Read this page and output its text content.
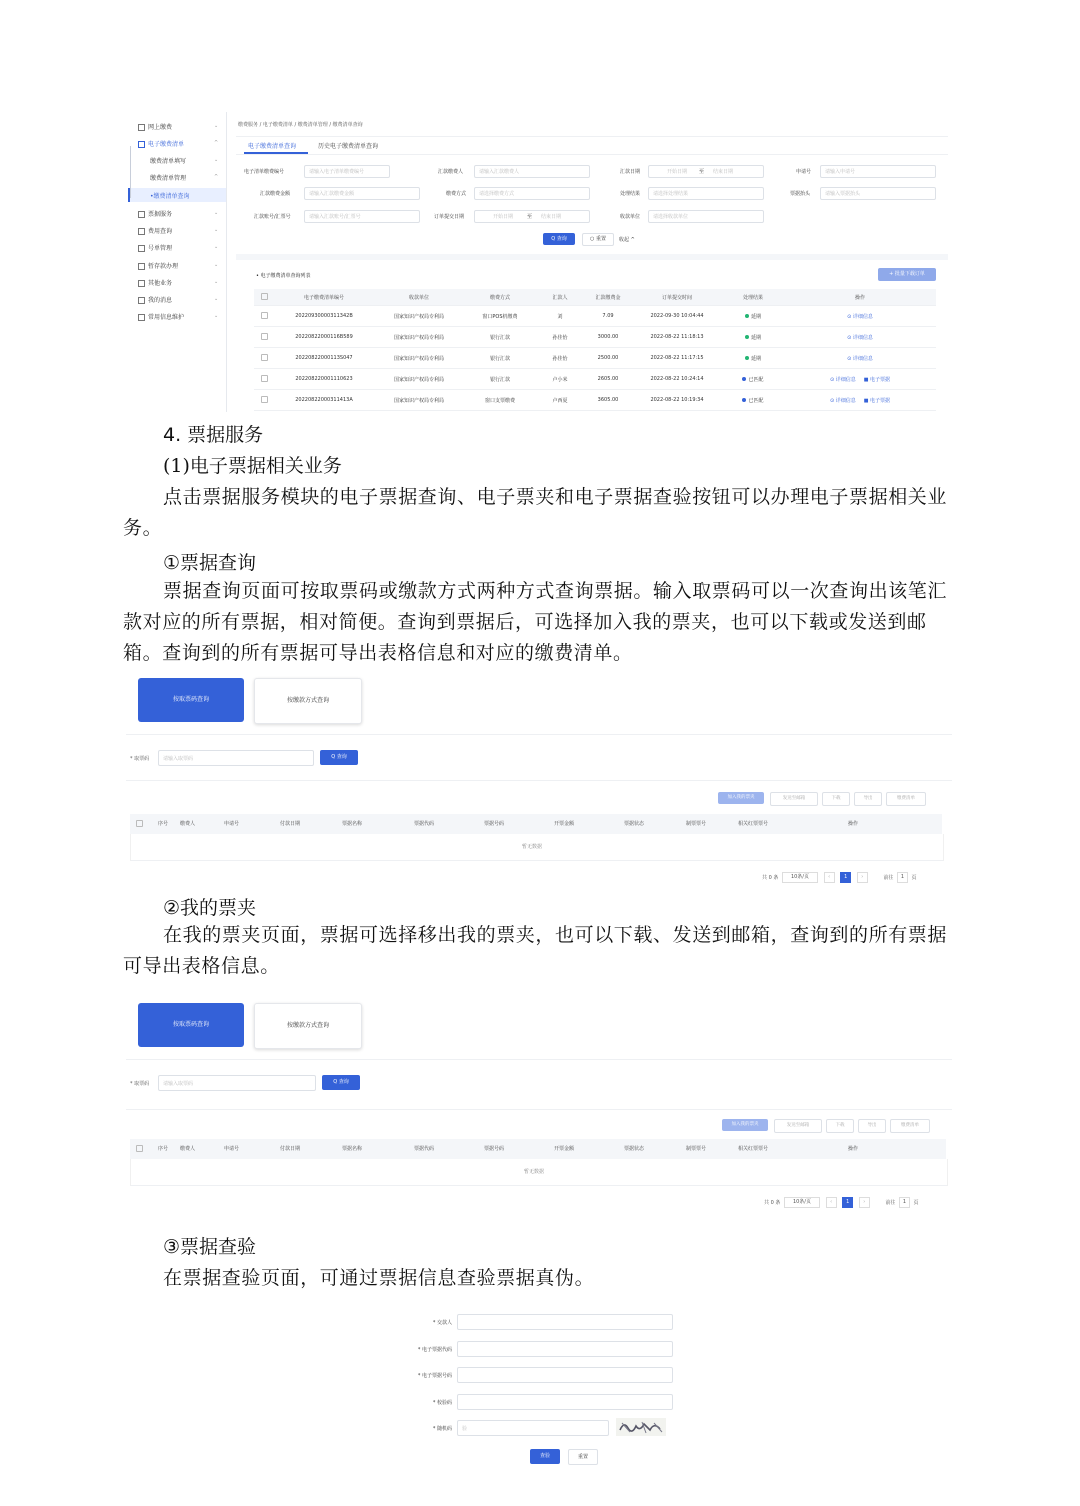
缴费服务 / 电子缴费清单 / 缴费清单管理 / 缴费清单查询
电子缴费清单查询	历史电子缴费清单查询
电子清单缴费编号	请输入电子清单缴费编号	汇款缴费人	请输入汇款缴费人	汇款日期	开始日期 至 结束日期	申请号	请输入申请号
汇款缴费金额	请输入汇款缴费金额	缴费方式	请选择缴费方式	处理结果	请选择处理结果	票据抬头	请输入票据抬头
汇款账号/汇票号	请输入汇款账号/汇票号	订单提交日期	开始日期	至 结束日期	收款单位	请选择收款单位
Q 查询	○ 重置	收起 ^
• 电子缴费清单查询列表	+ 批量下载订单
	电子缴费清单编号	收款单位	缴费方式	汇款人	汇款缴费金	订单提交时间	处理结果	操作
	20220930000311342B	国家知识产权局专利局	窗口POS机缴费	刘	7.09	2022-09-30 10:04:44	延期	⊙ 详细信息
	20220822000116B589	国家知识产权局专利局	银行汇款	孙佳怡	3000.00	2022-08-22 11:18:13	延期	⊙ 详细信息
	20220822000113S047	国家知识产权局专利局	银行汇款	孙佳怡	2500.00	2022-08-22 11:17:15	延期	⊙ 详细信息
	202208220001110623	国家知识产权局专利局	银行汇款	卢小米	2605.00	2022-08-22 10:24:14	已匹配	⊙ 详细信息 ■ 电子票据
	20220822000311413A	国家知识产权局专利局	窗口支票缴费	卢西夏	3605.00	2022-08-22 10:19:34	已匹配	⊙ 详细信息 ■ 电子票据
网上缴费	⌄
电子缴费清单	^
缴费清单填写	⌄
缴费清单管理	^
•缴费清单查询
票据服务	⌄
费用查询	⌄
号单管理	⌄
暂存款办理	⌄
其他业务	⌄
我的消息	⌄
常用信息维护	⌄
4. 票据服务
(1)电子票据相关业务
点击票据服务模块的电子票据查询、电子票夹和电子票据查验按钮可以办理电子票据相关业务。
①票据查询
票据查询页面可按取票码或缴款方式两种方式查询票据。输入取票码可以一次查询出该笔汇款对应的所有票据，相对简便。查询到票据后，可选择加入我的票夹，也可以下载或发送到邮箱。查询到的所有票据可导出表格信息和对应的缴费清单。
按取票码查询	按缴款方式查询
* 取票码	请输入取票码	Q 查询
加入我的票夹	发送至邮箱	下载	导出	缴费清单
序号 缴费人	申请号	付款日期	票据名称	票据代码	票据号码	开票金额	票据状态	制票票号	相关红票票号	操作
暂无数据
共 0 条	10条/页	‹	1	›	前往 1 页
②我的票夹
在我的票夹页面，票据可选择移出我的票夹，也可以下载、发送到邮箱，查询到的所有票据可导出表格信息。
按取票码查询	按缴款方式查询
* 取票码	请输入取票码	Q 查询
加入我的票夹	发送至邮箱	下载	导出	缴费清单
序号 缴费人	申请号	付款日期	票据名称	票据代码	票据号码	开票金额	票据状态	制票票号	相关红票票号	操作
暂无数据
共 0 条	10条/页	‹	1	›	前往 1 页
③票据查验
在票据查验页面，可通过票据信息查验票据真伪。
* 交款人
* 电子票据代码
* 电子票据号码
* 校验码
* 随机码 验
查验	重置
